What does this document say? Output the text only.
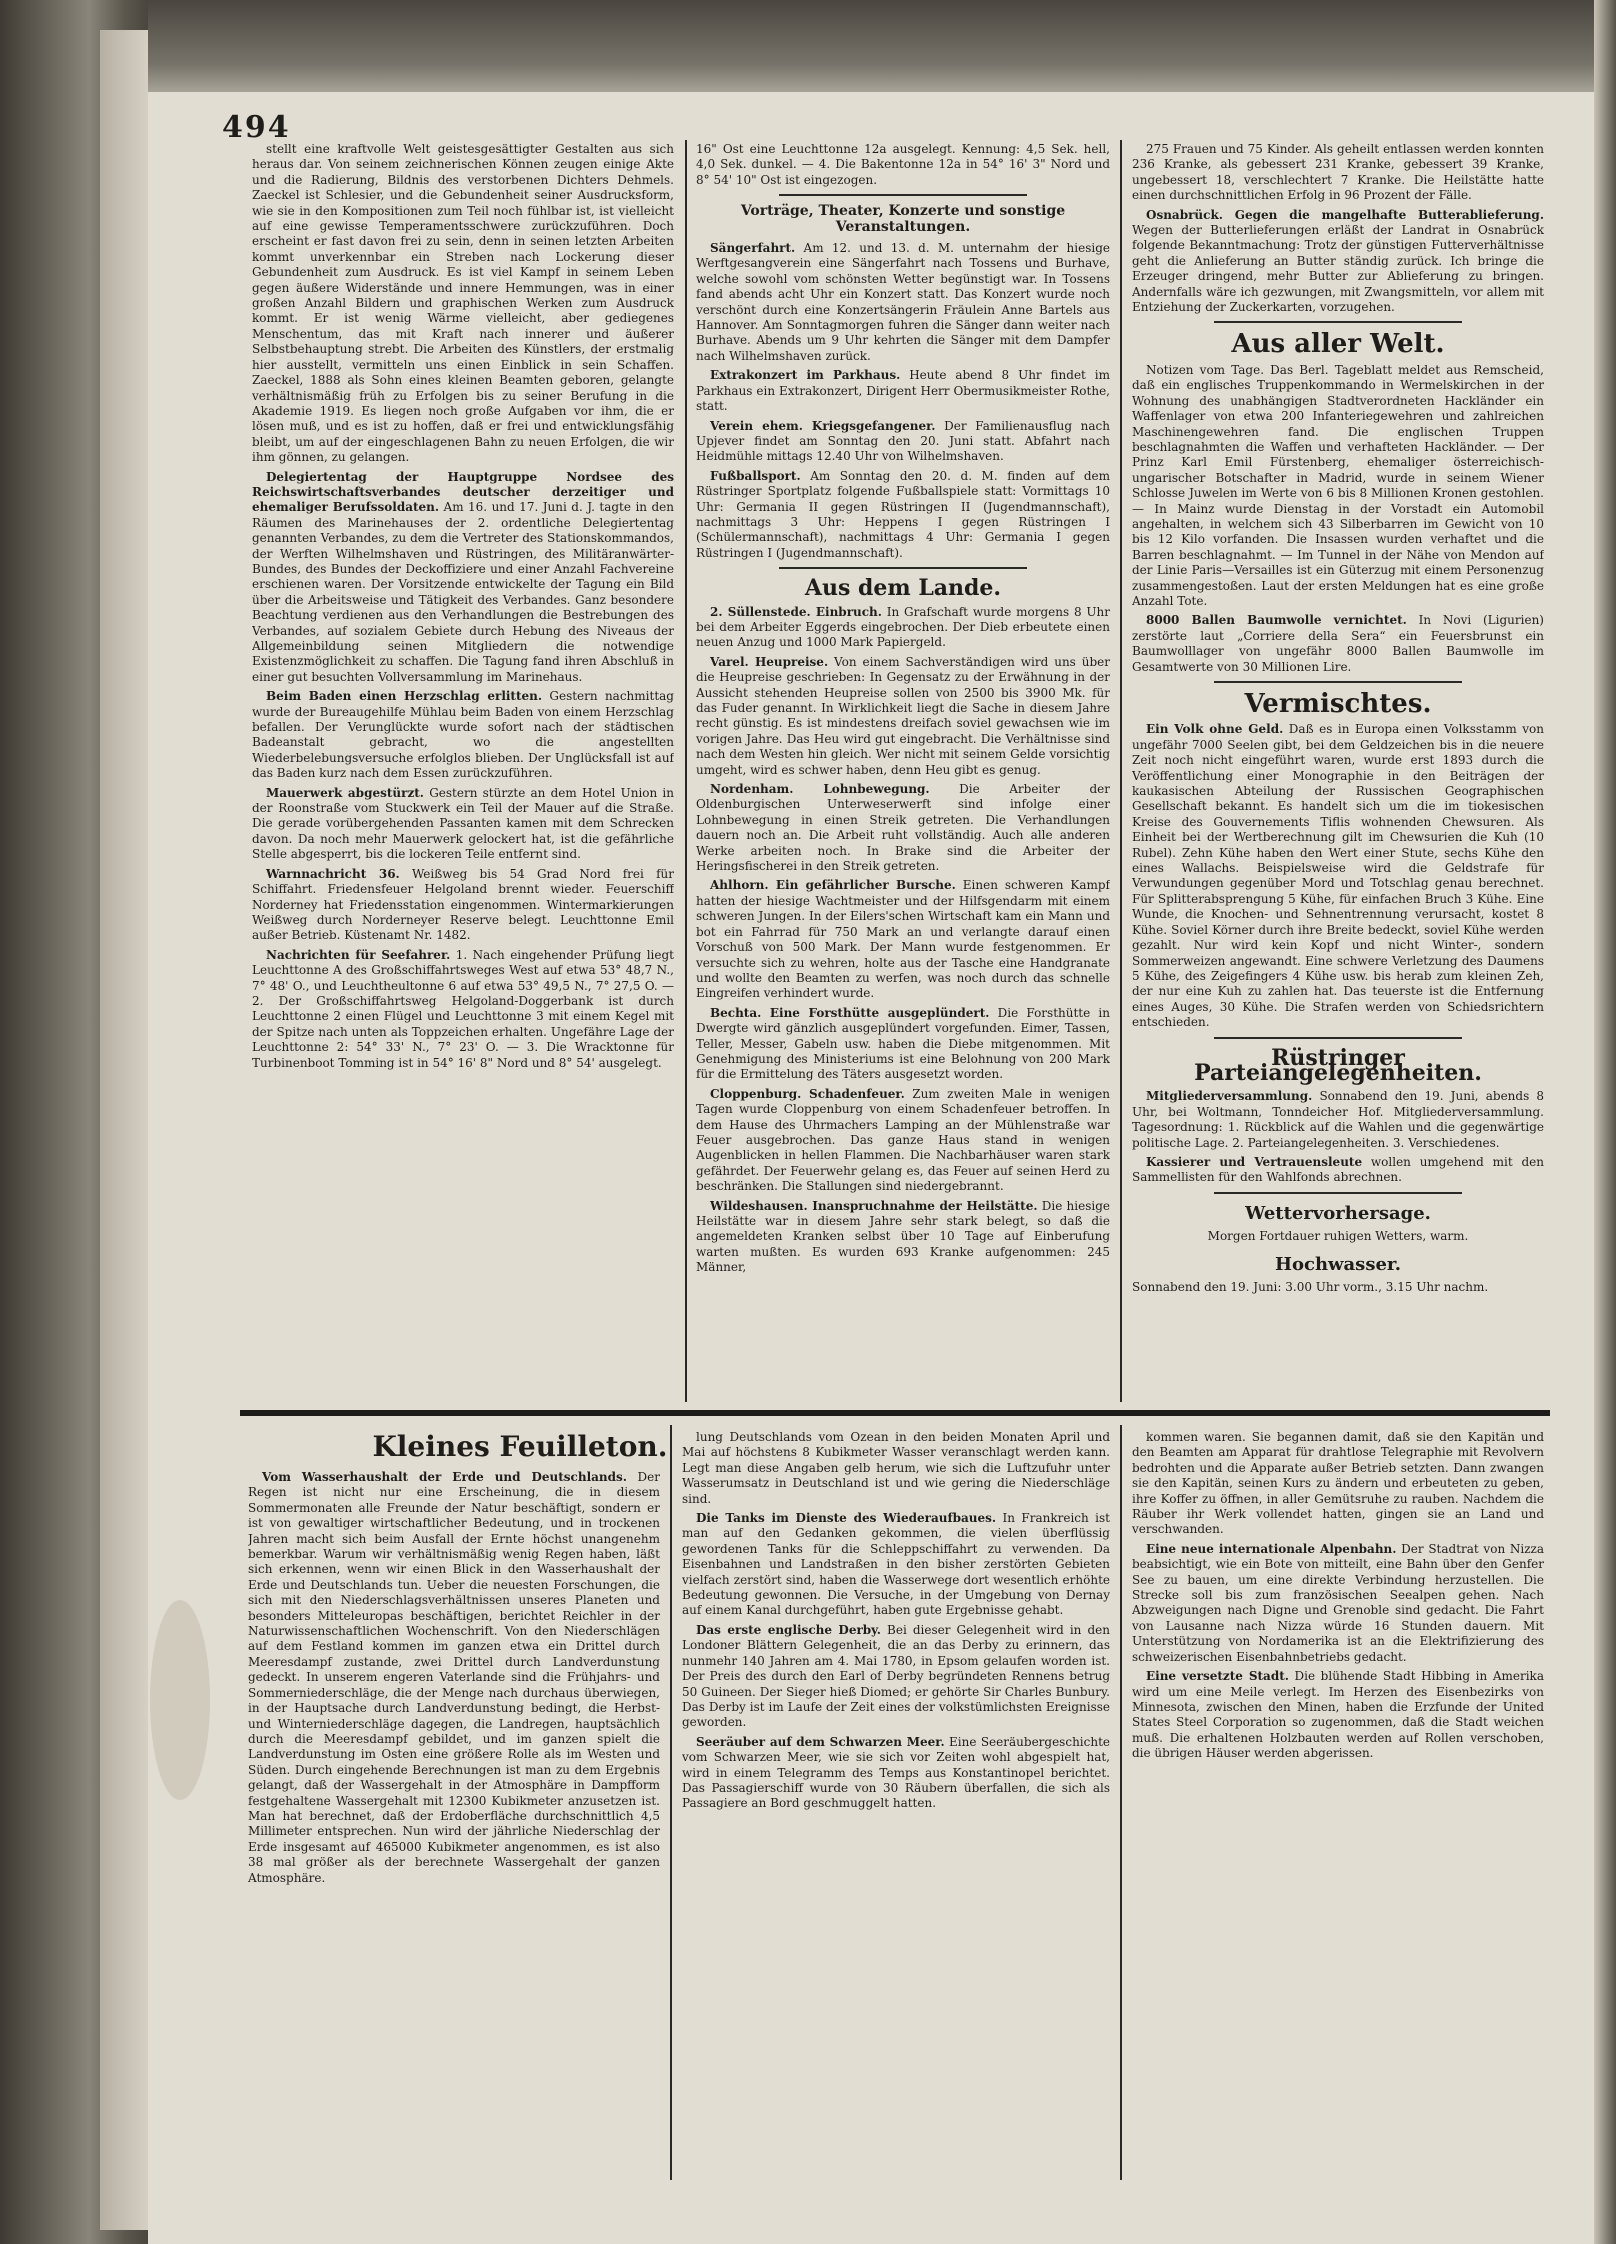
494

stellt eine kraftvolle Welt geistesgesättigter Gestalten aus sich heraus dar. Von seinem zeichnerischen Können zeugen einige Akte und die Radierung, Bildnis des verstorbenen Dichters Dehmels. Zaeckel ist Schlesier, und die Gebundenheit seiner Ausdrucksform, wie sie in den Kompositionen zum Teil noch fühlbar ist, ist vielleicht auf eine gewisse Temperamentsschwere zurückzuführen. Doch erscheint er fast davon frei zu sein, denn in seinen letzten Arbeiten kommt unverkennbar ein Streben nach Lockerung dieser Gebundenheit zum Ausdruck. Es ist viel Kampf in seinem Leben gegen äußere Widerstände und innere Hemmungen, was in einer großen Anzahl Bildern und graphischen Werken zum Ausdruck kommt. Er ist wenig Wärme vielleicht, aber gediegenes Menschentum, das mit Kraft nach innerer und äußerer Selbstbehauptung strebt. Die Arbeiten des Künstlers, der erstmalig hier ausstellt, vermitteln uns einen Einblick in sein Schaffen. Zaeckel, 1888 als Sohn eines kleinen Beamten geboren, gelangte verhältnismäßig früh zu Erfolgen bis zu seiner Berufung in die Akademie 1919. Es liegen noch große Aufgaben vor ihm, die er lösen muß, und es ist zu hoffen, daß er frei und entwicklungsfähig bleibt, um auf der eingeschlagenen Bahn zu neuen Erfolgen, die wir ihm gönnen, zu gelangen.

Delegiertentag der Hauptgruppe Nordsee des Reichswirtschaftsverbandes deutscher derzeitiger und ehemaliger Berufssoldaten. Am 16. und 17. Juni d. J. tagte in den Räumen des Marinehauses der 2. ordentliche Delegiertentag genannten Verbandes, zu dem die Vertreter des Stationskommandos, der Werften Wilhelmshaven und Rüstringen, des Militäranwärter-Bundes, des Bundes der Deckoffiziere und einer Anzahl Fachvereine erschienen waren. Der Vorsitzende entwickelte der Tagung ein Bild über die Arbeitsweise und Tätigkeit des Verbandes. Ganz besondere Beachtung verdienen aus den Verhandlungen die Bestrebungen des Verbandes, auf sozialem Gebiete durch Hebung des Niveaus der Allgemeinbildung seinen Mitgliedern die notwendige Existenzmöglichkeit zu schaffen. Die Tagung fand ihren Abschluß in einer gut besuchten Vollversammlung im Marinehaus.

Beim Baden einen Herzschlag erlitten. Gestern nachmittag wurde der Bureaugehilfe Mühlau beim Baden von einem Herzschlag befallen. Der Verunglückte wurde sofort nach der städtischen Badeanstalt gebracht, wo die angestellten Wiederbelebungsversuche erfolglos blieben. Der Unglücksfall ist auf das Baden kurz nach dem Essen zurückzuführen.

Mauerwerk abgestürzt. Gestern stürzte an dem Hotel Union in der Roonstraße vom Stuckwerk ein Teil der Mauer auf die Straße. Die gerade vorübergehenden Passanten kamen mit dem Schrecken davon. Da noch mehr Mauerwerk gelockert hat, ist die gefährliche Stelle abgesperrt, bis die lockeren Teile entfernt sind.

Warnnachricht 36. Weißweg bis 54 Grad Nord frei für Schiffahrt. Friedensfeuer Helgoland brennt wieder. Feuerschiff Norderney hat Friedensstation eingenommen. Wintermarkierungen Weißweg durch Norderneyer Reserve belegt. Leuchttonne Emil außer Betrieb. Küstenamt Nr. 1482.

Nachrichten für Seefahrer. 1. Nach eingehender Prüfung liegt Leuchttonne A des Großschiffahrtsweges West auf etwa 53° 48,7 N., 7° 48' O., und Leuchtheultonne 6 auf etwa 53° 49,5 N., 7° 27,5 O. — 2. Der Großschiffahrtsweg Helgoland-Doggerbank ist durch Leuchttonne 2 einen Flügel und Leuchttonne 3 mit einem Kegel mit der Spitze nach unten als Toppzeichen erhalten. Ungefähre Lage der Leuchttonne 2: 54° 33' N., 7° 23' O. — 3. Die Wracktonne für Turbinenboot Tomming ist in 54° 16' 8" Nord und 8° 54' ausgelegt.

16" Ost eine Leuchttonne 12a ausgelegt. Kennung: 4,5 Sek. hell, 4,0 Sek. dunkel. — 4. Die Bakentonne 12a in 54° 16' 3" Nord und 8° 54' 10" Ost ist eingezogen.

Vorträge, Theater, Konzerte und sonstige Veranstaltungen.

Sängerfahrt. Am 12. und 13. d. M. unternahm der hiesige Werftgesangverein eine Sängerfahrt nach Tossens und Burhave, welche sowohl vom schönsten Wetter begünstigt war. In Tossens fand abends acht Uhr ein Konzert statt. Das Konzert wurde noch verschönt durch eine Konzertsängerin Fräulein Anne Bartels aus Hannover. Am Sonntagmorgen fuhren die Sänger dann weiter nach Burhave. Abends um 9 Uhr kehrten die Sänger mit dem Dampfer nach Wilhelmshaven zurück.

Extrakonzert im Parkhaus. Heute abend 8 Uhr findet im Parkhaus ein Extrakonzert, Dirigent Herr Obermusikmeister Rothe, statt.

Verein ehem. Kriegsgefangener. Der Familienausflug nach Upjever findet am Sonntag den 20. Juni statt. Abfahrt nach Heidmühle mittags 12.40 Uhr von Wilhelmshaven.

Fußballsport. Am Sonntag den 20. d. M. finden auf dem Rüstringer Sportplatz folgende Fußballspiele statt: Vormittags 10 Uhr: Germania II gegen Rüstringen II (Jugendmannschaft), nachmittags 3 Uhr: Heppens I gegen Rüstringen I (Schülermannschaft), nachmittags 4 Uhr: Germania I gegen Rüstringen I (Jugendmannschaft).

Aus dem Lande.

2. Süllenstede. Einbruch. In Grafschaft wurde morgens 8 Uhr bei dem Arbeiter Eggerds eingebrochen. Der Dieb erbeutete einen neuen Anzug und 1000 Mark Papiergeld.

Varel. Heupreise. Von einem Sachverständigen wird uns über die Heupreise geschrieben: In Gegensatz zu der Erwähnung in der Aussicht stehenden Heupreise sollen von 2500 bis 3900 Mk. für das Fuder genannt. In Wirklichkeit liegt die Sache in diesem Jahre recht günstig. Es ist mindestens dreifach soviel gewachsen wie im vorigen Jahre. Das Heu wird gut eingebracht. Die Verhältnisse sind nach dem Westen hin gleich. Wer nicht mit seinem Gelde vorsichtig umgeht, wird es schwer haben, denn Heu gibt es genug.

Nordenham. Lohnbewegung. Die Arbeiter der Oldenburgischen Unterweserwerft sind infolge einer Lohnbewegung in einen Streik getreten. Die Verhandlungen dauern noch an. Die Arbeit ruht vollständig. Auch alle anderen Werke arbeiten noch. In Brake sind die Arbeiter der Heringsfischerei in den Streik getreten.

Ahlhorn. Ein gefährlicher Bursche. Einen schweren Kampf hatten der hiesige Wachtmeister und der Hilfsgendarm mit einem schweren Jungen. In der Eilers'schen Wirtschaft kam ein Mann und bot ein Fahrrad für 750 Mark an und verlangte darauf einen Vorschuß von 500 Mark. Der Mann wurde festgenommen. Er versuchte sich zu wehren, holte aus der Tasche eine Handgranate und wollte den Beamten zu werfen, was noch durch das schnelle Eingreifen verhindert wurde.

Bechta. Eine Forsthütte ausgeplündert. Die Forsthütte in Dwergte wird gänzlich ausgeplündert vorgefunden. Eimer, Tassen, Teller, Messer, Gabeln usw. haben die Diebe mitgenommen. Mit Genehmigung des Ministeriums ist eine Belohnung von 200 Mark für die Ermittelung des Täters ausgesetzt worden.

Cloppenburg. Schadenfeuer. Zum zweiten Male in wenigen Tagen wurde Cloppenburg von einem Schadenfeuer betroffen. In dem Hause des Uhrmachers Lamping an der Mühlenstraße war Feuer ausgebrochen. Das ganze Haus stand in wenigen Augenblicken in hellen Flammen. Die Nachbarhäuser waren stark gefährdet. Der Feuerwehr gelang es, das Feuer auf seinen Herd zu beschränken. Die Stallungen sind niedergebrannt.

Wildeshausen. Inanspruchnahme der Heilstätte. Die hiesige Heilstätte war in diesem Jahre sehr stark belegt, so daß die angemeldeten Kranken selbst über 10 Tage auf Einberufung warten mußten. Es wurden 693 Kranke aufgenommen: 245 Männer,

275 Frauen und 75 Kinder. Als geheilt entlassen werden konnten 236 Kranke, als gebessert 231 Kranke, gebessert 39 Kranke, ungebessert 18, verschlechtert 7 Kranke. Die Heilstätte hatte einen durchschnittlichen Erfolg in 96 Prozent der Fälle.

Osnabrück. Gegen die mangelhafte Butterablieferung. Wegen der Butterlieferungen erläßt der Landrat in Osnabrück folgende Bekanntmachung: Trotz der günstigen Futterverhältnisse geht die Anlieferung an Butter ständig zurück. Ich bringe die Erzeuger dringend, mehr Butter zur Ablieferung zu bringen. Andernfalls wäre ich gezwungen, mit Zwangsmitteln, vor allem mit Entziehung der Zuckerkarten, vorzugehen.

Aus aller Welt.

Notizen vom Tage. Das Berl. Tageblatt meldet aus Remscheid, daß ein englisches Truppenkommando in Wermelskirchen in der Wohnung des unabhängigen Stadtverordneten Hackländer ein Waffenlager von etwa 200 Infanteriegewehren und zahlreichen Maschinengewehren fand. Die englischen Truppen beschlagnahmten die Waffen und verhafteten Hackländer. — Der Prinz Karl Emil Fürstenberg, ehemaliger österreichisch-ungarischer Botschafter in Madrid, wurde in seinem Wiener Schlosse Juwelen im Werte von 6 bis 8 Millionen Kronen gestohlen. — In Mainz wurde Dienstag in der Vorstadt ein Automobil angehalten, in welchem sich 43 Silberbarren im Gewicht von 10 bis 12 Kilo vorfanden. Die Insassen wurden verhaftet und die Barren beschlagnahmt. — Im Tunnel in der Nähe von Mendon auf der Linie Paris—Versailles ist ein Güterzug mit einem Personenzug zusammengestoßen. Laut der ersten Meldungen hat es eine große Anzahl Tote.

8000 Ballen Baumwolle vernichtet. In Novi (Ligurien) zerstörte laut „Corriere della Sera“ ein Feuersbrunst ein Baumwolllager von ungefähr 8000 Ballen Baumwolle im Gesamtwerte von 30 Millionen Lire.

Vermischtes.

Ein Volk ohne Geld. Daß es in Europa einen Volksstamm von ungefähr 7000 Seelen gibt, bei dem Geldzeichen bis in die neuere Zeit noch nicht eingeführt waren, wurde erst 1893 durch die Veröffentlichung einer Monographie in den Beiträgen der kaukasischen Abteilung der Russischen Geographischen Gesellschaft bekannt. Es handelt sich um die im tiokesischen Kreise des Gouvernements Tiflis wohnenden Chewsuren. Als Einheit bei der Wertberechnung gilt im Chewsurien die Kuh (10 Rubel). Zehn Kühe haben den Wert einer Stute, sechs Kühe den eines Wallachs. Beispielsweise wird die Geldstrafe für Verwundungen gegenüber Mord und Totschlag genau berechnet. Für Splitterabsprengung 5 Kühe, für einfachen Bruch 3 Kühe. Eine Wunde, die Knochen- und Sehnentrennung verursacht, kostet 8 Kühe. Soviel Körner durch ihre Breite bedeckt, soviel Kühe werden gezahlt. Nur wird kein Kopf und nicht Winter-, sondern Sommerweizen angewandt. Eine schwere Verletzung des Daumens 5 Kühe, des Zeigefingers 4 Kühe usw. bis herab zum kleinen Zeh, der nur eine Kuh zu zahlen hat. Das teuerste ist die Entfernung eines Auges, 30 Kühe. Die Strafen werden von Schiedsrichtern entschieden.

Rüstringer Parteiangelegenheiten.

Mitgliederversammlung. Sonnabend den 19. Juni, abends 8 Uhr, bei Woltmann, Tonndeicher Hof. Mitgliederversammlung. Tagesordnung: 1. Rückblick auf die Wahlen und die gegenwärtige politische Lage. 2. Parteiangelegenheiten. 3. Verschiedenes.

Kassierer und Vertrauensleute wollen umgehend mit den Sammellisten für den Wahlfonds abrechnen.

Wettervorhersage.

Morgen Fortdauer ruhigen Wetters, warm.

Hochwasser.

Sonnabend den 19. Juni: 3.00 Uhr vorm., 3.15 Uhr nachm.

Kleines Feuilleton.

Vom Wasserhaushalt der Erde und Deutschlands. Der Regen ist nicht nur eine Erscheinung, die in diesem Sommermonaten alle Freunde der Natur beschäftigt, sondern er ist von gewaltiger wirtschaftlicher Bedeutung, und in trockenen Jahren macht sich beim Ausfall der Ernte höchst unangenehm bemerkbar. Warum wir verhältnismäßig wenig Regen haben, läßt sich erkennen, wenn wir einen Blick in den Wasserhaushalt der Erde und Deutschlands tun. Ueber die neuesten Forschungen, die sich mit den Niederschlagsverhältnissen unseres Planeten und besonders Mitteleuropas beschäftigen, berichtet Reichler in der Naturwissenschaftlichen Wochenschrift. Von den Niederschlägen auf dem Festland kommen im ganzen etwa ein Drittel durch Meeresdampf zustande, zwei Drittel durch Landverdunstung gedeckt. In unserem engeren Vaterlande sind die Frühjahrs- und Sommerniederschläge, die der Menge nach durchaus überwiegen, in der Hauptsache durch Landverdunstung bedingt, die Herbst- und Winterniederschläge dagegen, die Landregen, hauptsächlich durch die Meeresdampf gebildet, und im ganzen spielt die Landverdunstung im Osten eine größere Rolle als im Westen und Süden. Durch eingehende Berechnungen ist man zu dem Ergebnis gelangt, daß der Wassergehalt in der Atmosphäre in Dampfform festgehaltene Wassergehalt mit 12300 Kubikmeter anzusetzen ist. Man hat berechnet, daß der Erdoberfläche durchschnittlich 4,5 Millimeter entsprechen. Nun wird der jährliche Niederschlag der Erde insgesamt auf 465000 Kubikmeter angenommen, es ist also 38 mal größer als der berechnete Wassergehalt der ganzen Atmosphäre.

lung Deutschlands vom Ozean in den beiden Monaten April und Mai auf höchstens 8 Kubikmeter Wasser veranschlagt werden kann. Legt man diese Angaben gelb herum, wie sich die Luftzufuhr unter Wasserumsatz in Deutschland ist und wie gering die Niederschläge sind.

Die Tanks im Dienste des Wiederaufbaues. In Frankreich ist man auf den Gedanken gekommen, die vielen überflüssig gewordenen Tanks für die Schleppschiffahrt zu verwenden. Da Eisenbahnen und Landstraßen in den bisher zerstörten Gebieten vielfach zerstört sind, haben die Wasserwege dort wesentlich erhöhte Bedeutung gewonnen. Die Versuche, in der Umgebung von Dernay auf einem Kanal durchgeführt, haben gute Ergebnisse gehabt.

Das erste englische Derby. Bei dieser Gelegenheit wird in den Londoner Blättern Gelegenheit, die an das Derby zu erinnern, das nunmehr 140 Jahren am 4. Mai 1780, in Epsom gelaufen worden ist. Der Preis des durch den Earl of Derby begründeten Rennens betrug 50 Guineen. Der Sieger hieß Diomed; er gehörte Sir Charles Bunbury. Das Derby ist im Laufe der Zeit eines der volkstümlichsten Ereignisse geworden.

Seeräuber auf dem Schwarzen Meer. Eine Seeräubergeschichte vom Schwarzen Meer, wie sie sich vor Zeiten wohl abgespielt hat, wird in einem Telegramm des Temps aus Konstantinopel berichtet. Das Passagierschiff wurde von 30 Räubern überfallen, die sich als Passagiere an Bord geschmuggelt hatten.

kommen waren. Sie begannen damit, daß sie den Kapitän und den Beamten am Apparat für drahtlose Telegraphie mit Revolvern bedrohten und die Apparate außer Betrieb setzten. Dann zwangen sie den Kapitän, seinen Kurs zu ändern und erbeuteten zu geben, ihre Koffer zu öffnen, in aller Gemütsruhe zu rauben. Nachdem die Räuber ihr Werk vollendet hatten, gingen sie an Land und verschwanden.

Eine neue internationale Alpenbahn. Der Stadtrat von Nizza beabsichtigt, wie ein Bote von mitteilt, eine Bahn über den Genfer See zu bauen, um eine direkte Verbindung herzustellen. Die Strecke soll bis zum französischen Seealpen gehen. Nach Abzweigungen nach Digne und Grenoble sind gedacht. Die Fahrt von Lausanne nach Nizza würde 16 Stunden dauern. Mit Unterstützung von Nordamerika ist an die Elektrifizierung des schweizerischen Eisenbahnbetriebs gedacht.

Eine versetzte Stadt. Die blühende Stadt Hibbing in Amerika wird um eine Meile verlegt. Im Herzen des Eisenbezirks von Minnesota, zwischen den Minen, haben die Erzfunde der United States Steel Corporation so zugenommen, daß die Stadt weichen muß. Die erhaltenen Holzbauten werden auf Rollen verschoben, die übrigen Häuser werden abgerissen.
